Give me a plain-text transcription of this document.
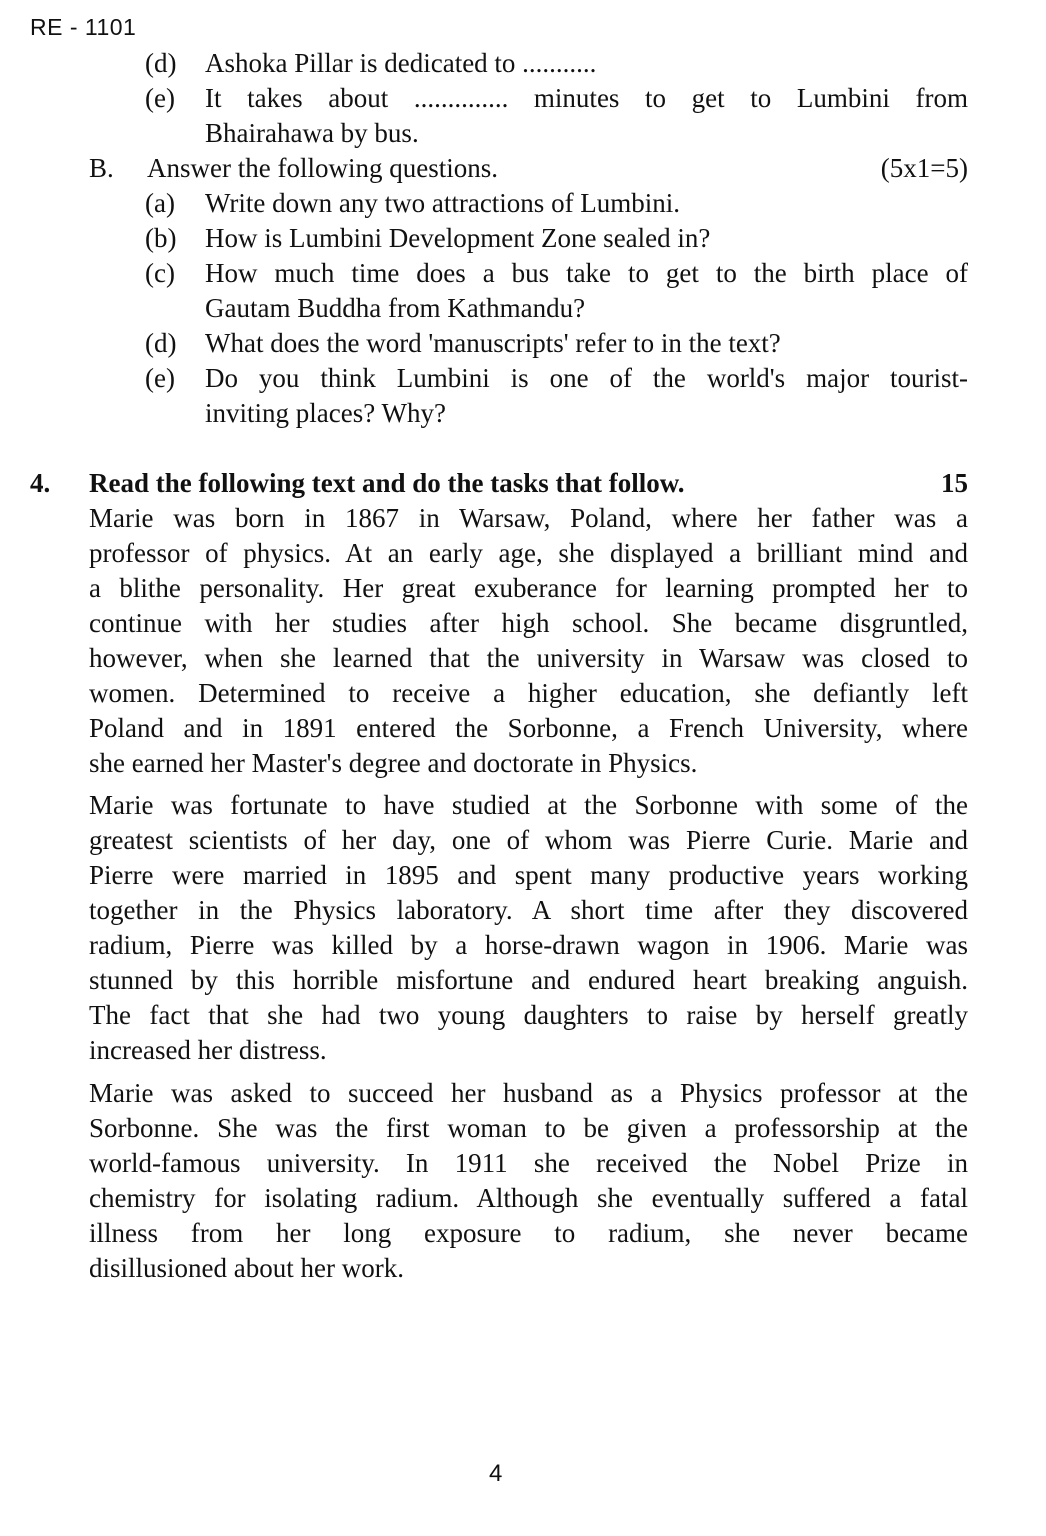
RE - 1101
(d) Ashoka Pillar is dedicated to ...........
(e) It takes about .............. minutes to get to Lumbini from
Bhairahawa by bus.
B. Answer the following questions.	(5x1=5)
(a) Write down any two attractions of Lumbini.
(b) How is Lumbini Development Zone sealed in?
(c) How much time does a bus take to get to the birth place of
Gautam Buddha from Kathmandu?
(d) What does the word 'manuscripts' refer to in the text?
(e) Do you think Lumbini is one of the world's major tourist-
inviting places? Why?
4. Read the following text and do the tasks that follow.	15
Marie was born in 1867 in Warsaw, Poland, where her father was a
professor of physics. At an early age, she displayed a brilliant mind and
a blithe personality. Her great exuberance for learning prompted her to
continue with her studies after high school. She became disgruntled,
however, when she learned that the university in Warsaw was closed to
women. Determined to receive a higher education, she defiantly left
Poland and in 1891 entered the Sorbonne, a French University, where
she earned her Master's degree and doctorate in Physics.
Marie was fortunate to have studied at the Sorbonne with some of the
greatest scientists of her day, one of whom was Pierre Curie. Marie and
Pierre were married in 1895 and spent many productive years working
together in the Physics laboratory. A short time after they discovered
radium, Pierre was killed by a horse-drawn wagon in 1906. Marie was
stunned by this horrible misfortune and endured heart breaking anguish.
The fact that she had two young daughters to raise by herself greatly
increased her distress.
Marie was asked to succeed her husband as a Physics professor at the
Sorbonne. She was the first woman to be given a professorship at the
world-famous university. In 1911 she received the Nobel Prize in
chemistry for isolating radium. Although she eventually suffered a fatal
illness from her long exposure to radium, she never became
disillusioned about her work.
4
